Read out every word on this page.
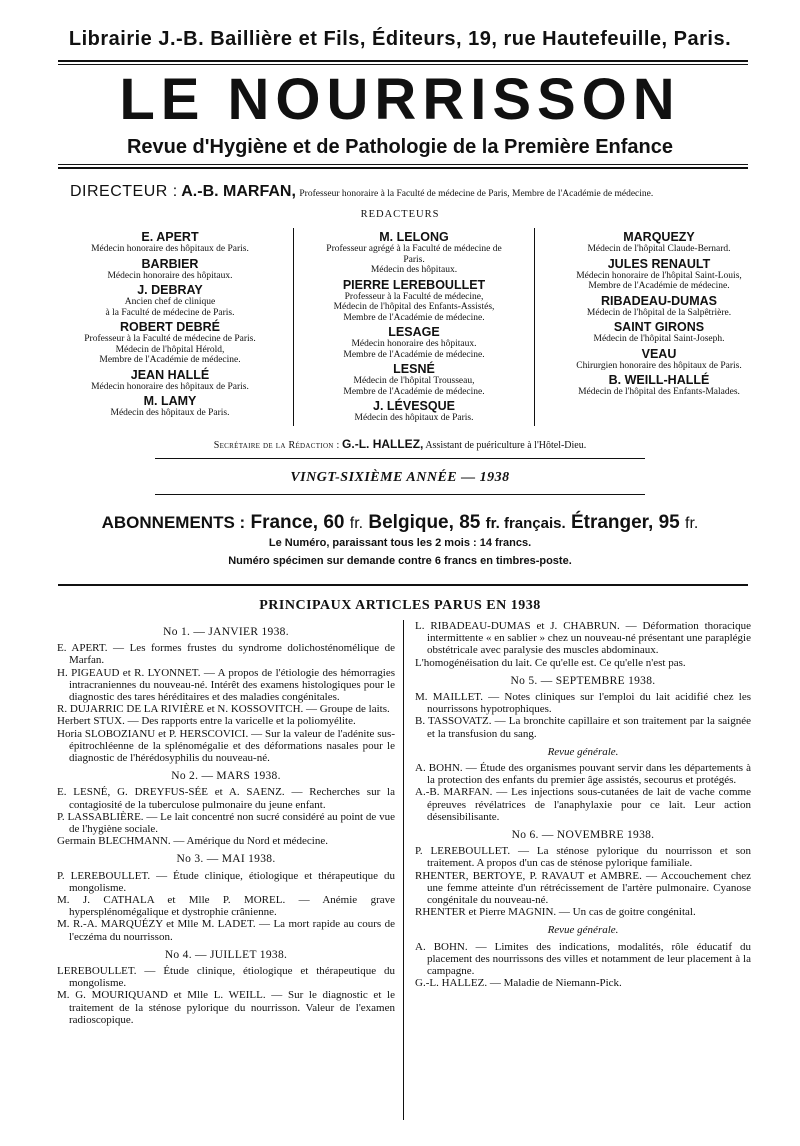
Librairie J.-B. Baillière et Fils, Éditeurs, 19, rue Hautefeuille, Paris.
LE NOURRISSON
Revue d'Hygiène et de Pathologie de la Première Enfance
DIRECTEUR : A.-B. MARFAN, Professeur honoraire à la Faculté de médecine de Paris, Membre de l'Académie de médecine.
REDACTEURS
E. APERT
Médecin honoraire des hôpitaux de Paris.
BARBIER
Médecin honoraire des hôpitaux.
J. DEBRAY
Ancien chef de clinique
à la Faculté de médecine de Paris.
ROBERT DEBRÉ
Professeur à la Faculté de médecine de Paris.
Médecin de l'hôpital Hérold,
Membre de l'Académie de médecine.
JEAN HALLÉ
Médecin honoraire des hôpitaux de Paris.
M. LAMY
Médecin des hôpitaux de Paris.
M. LELONG
Professeur agrégé à la Faculté de médecine de
Paris.
Médecin des hôpitaux.
PIERRE LEREBOULLET
Professeur à la Faculté de médecine,
Médecin de l'hôpital des Enfants-Assistés,
Membre de l'Académie de médecine.
LESAGE
Médecin honoraire des hôpitaux.
Membre de l'Académie de médecine.
LESNÉ
Médecin de l'hôpital Trousseau,
Membre de l'Académie de médecine.
J. LÉVESQUE
Médecin des hôpitaux de Paris.
MARQUEZY
Médecin de l'hôpital Claude-Bernard.
JULES RENAULT
Médecin honoraire de l'hôpital Saint-Louis,
Membre de l'Académie de médecine.
RIBADEAU-DUMAS
Médecin de l'hôpital de la Salpêtrière.
SAINT GIRONS
Médecin de l'hôpital Saint-Joseph.
VEAU
Chirurgien honoraire des hôpitaux de Paris.
B. WEILL-HALLÉ
Médecin de l'hôpital des Enfants-Malades.
Secrétaire de la Rédaction : G.-L. HALLEZ, Assistant de puériculture à l'Hôtel-Dieu.
VINGT-SIXIÈME ANNÉE — 1938
ABONNEMENTS : France, 60 fr. Belgique, 85 fr. français. Étranger, 95 fr.
Le Numéro, paraissant tous les 2 mois : 14 francs.
Numéro spécimen sur demande contre 6 francs en timbres-poste.
PRINCIPAUX ARTICLES PARUS EN 1938
No 1. — JANVIER 1938.
E. APERT. — Les formes frustes du syndrome dolichosténomélique de Marfan.
H. PIGEAUD et R. LYONNET. — A propos de l'étiologie des hémorragies intracraniennes du nouveau-né. Intérêt des examens histologiques pour le diagnostic des tares héréditaires et des maladies congénitales.
R. DUJARRIC DE LA RIVIÈRE et N. KOSSOVITCH. — Groupe de laits.
Herbert STUX. — Des rapports entre la varicelle et la poliomyélite.
Horia SLOBOZIANU et P. HERSCOVICI. — Sur la valeur de l'adénite sus-épitrochléenne de la splénomégalie et des déformations nasales pour le diagnostic de l'hérédosyphilis du nouveau-né.
No 2. — MARS 1938.
E. LESNÉ, G. DREYFUS-SÉE et A. SAENZ. — Recherches sur la contagiosité de la tuberculose pulmonaire du jeune enfant.
P. LASSABLIÈRE. — Le lait concentré non sucré considéré au point de vue de l'hygiène sociale.
Germain BLECHMANN. — Amérique du Nord et médecine.
No 3. — MAI 1938.
P. LEREBOULLET. — Étude clinique, étiologique et thérapeutique du mongolisme.
M. J. CATHALA et Mlle P. MOREL. — Anémie grave hypersplénomégalique et dystrophie crânienne.
M. R.-A. MARQUÉZY et Mlle M. LADET. — La mort rapide au cours de l'eczéma du nourrisson.
No 4. — JUILLET 1938.
LEREBOULLET. — Étude clinique, étiologique et thérapeutique du mongolisme.
M. G. MOURIQUAND et Mlle L. WEILL. — Sur le diagnostic et le traitement de la sténose pylorique du nourrisson. Valeur de l'examen radioscopique.
L. RIBADEAU-DUMAS et J. CHABRUN. — Déformation thoracique intermittente « en sablier » chez un nouveau-né présentant une paraplégie obstétricale avec paralysie des muscles abdominaux.
L'homogénéisation du lait. Ce qu'elle est. Ce qu'elle n'est pas.
No 5. — SEPTEMBRE 1938.
M. MAILLET. — Notes cliniques sur l'emploi du lait acidifié chez les nourrissons hypotrophiques.
B. TASSOVATZ. — La bronchite capillaire et son traitement par la saignée et la transfusion du sang.
Revue générale.
A. BOHN. — Étude des organismes pouvant servir dans les départements à la protection des enfants du premier âge assistés, secourus et protégés.
A.-B. MARFAN. — Les injections sous-cutanées de lait de vache comme épreuves révélatrices de l'anaphylaxie pour ce lait. Leur action désensibilisante.
No 6. — NOVEMBRE 1938.
P. LEREBOULLET. — La sténose pylorique du nourrisson et son traitement. A propos d'un cas de sténose pylorique familiale.
RHENTER, BERTOYE, P. RAVAUT et AMBRE. — Accouchement chez une femme atteinte d'un rétrécissement de l'artère pulmonaire. Cyanose congénitale du nouveau-né.
RHENTER et Pierre MAGNIN. — Un cas de goitre congénital.
Revue générale.
A. BOHN. — Limites des indications, modalités, rôle éducatif du placement des nourrissons des villes et notamment de leur placement à la campagne.
G.-L. HALLEZ. — Maladie de Niemann-Pick.
